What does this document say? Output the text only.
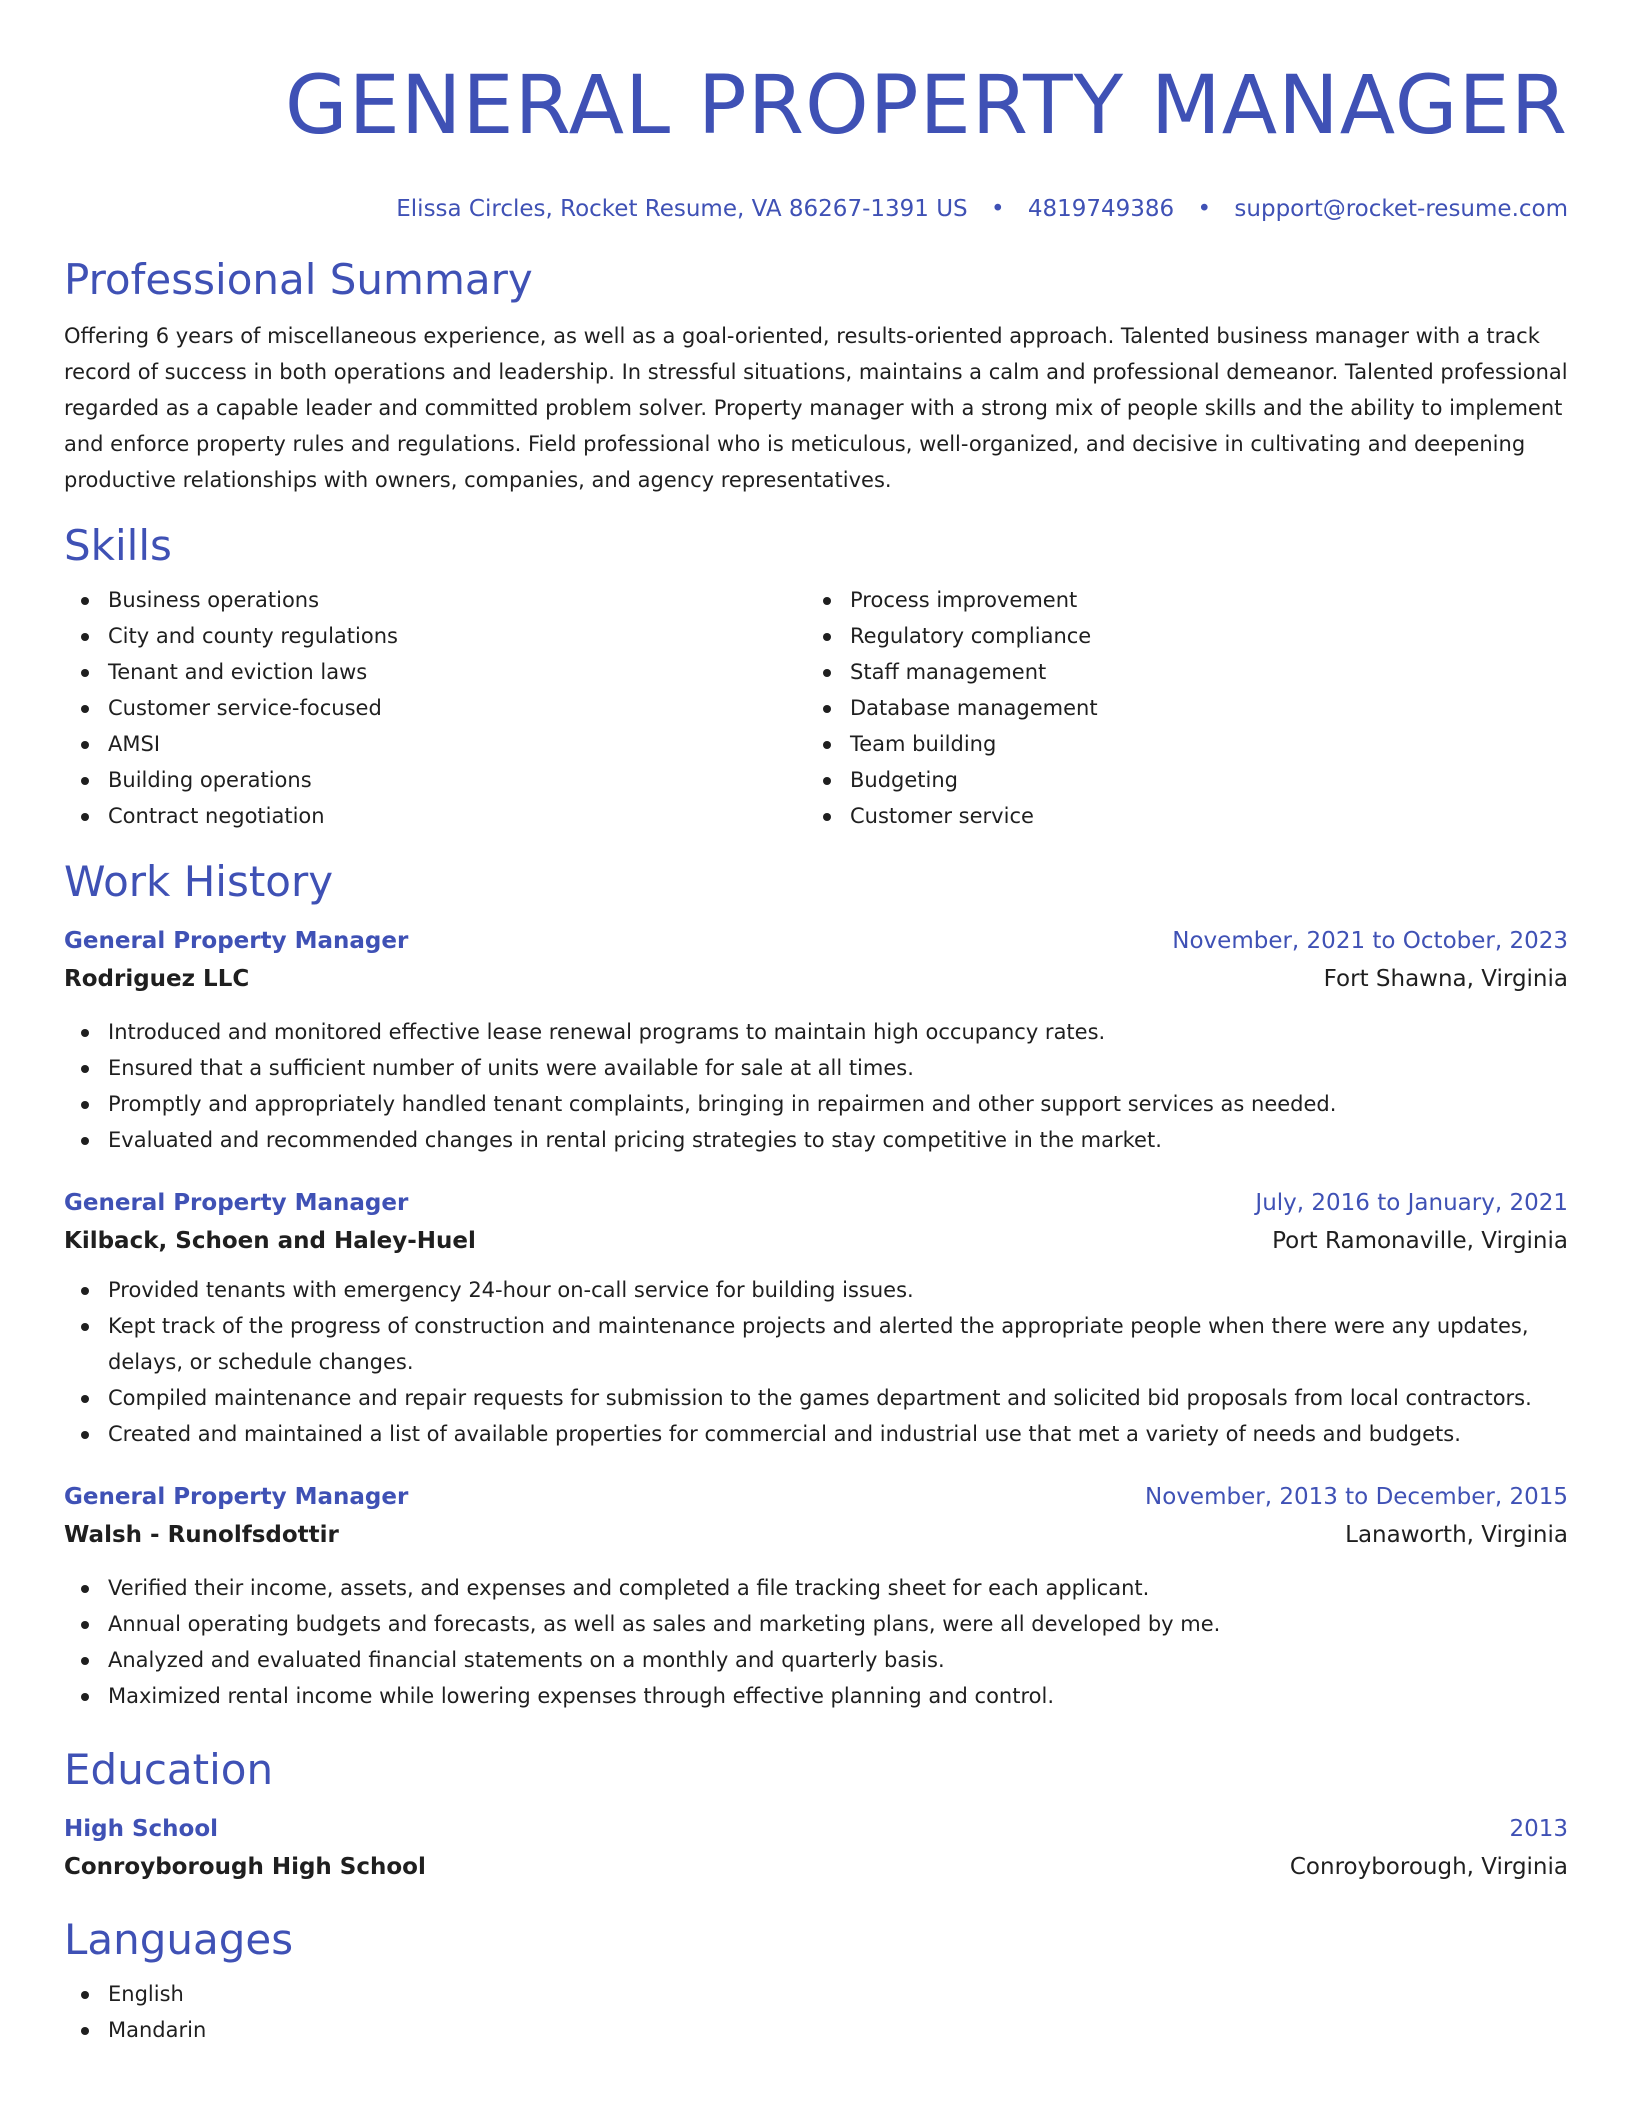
GENERAL PROPERTY MANAGER
Elissa Circles, Rocket Resume, VA 86267-1391 US • 4819749386 • support@rocket-resume.com
Professional Summary

Offering 6 years of miscellaneous experience, as well as a goal-oriented, results-oriented approach. Talented business manager with a track record of success in both operations and leadership. In stressful situations, maintains a calm and professional demeanor. Talented professional regarded as a capable leader and committed problem solver. Property manager with a strong mix of people skills and the ability to implement and enforce property rules and regulations. Field professional who is meticulous, well-organized, and decisive in cultivating and deepening productive relationships with owners, companies, and agency representatives.

Skills
Business operations
City and county regulations
Tenant and eviction laws
Customer service-focused
AMSI
Building operations
Contract negotiation
Process improvement
Regulatory compliance
Staff management
Database management
Team building
Budgeting
Customer service
Work History
General Property Manager	November, 2021 to October, 2023
Rodriguez LLC	Fort Shawna, Virginia
Introduced and monitored effective lease renewal programs to maintain high occupancy rates.
Ensured that a sufficient number of units were available for sale at all times.
Promptly and appropriately handled tenant complaints, bringing in repairmen and other support services as needed.
Evaluated and recommended changes in rental pricing strategies to stay competitive in the market.
General Property Manager	July, 2016 to January, 2021
Kilback, Schoen and Haley-Huel	Port Ramonaville, Virginia
Provided tenants with emergency 24-hour on-call service for building issues.
Kept track of the progress of construction and maintenance projects and alerted the appropriate people when there were any updates, delays, or schedule changes.
Compiled maintenance and repair requests for submission to the games department and solicited bid proposals from local contractors.
Created and maintained a list of available properties for commercial and industrial use that met a variety of needs and budgets.
General Property Manager	November, 2013 to December, 2015
Walsh - Runolfsdottir	Lanaworth, Virginia
Verified their income, assets, and expenses and completed a file tracking sheet for each applicant.
Annual operating budgets and forecasts, as well as sales and marketing plans, were all developed by me.
Analyzed and evaluated financial statements on a monthly and quarterly basis.
Maximized rental income while lowering expenses through effective planning and control.
Education
High School	2013
Conroyborough High School	Conroyborough, Virginia
Languages
English
Mandarin
